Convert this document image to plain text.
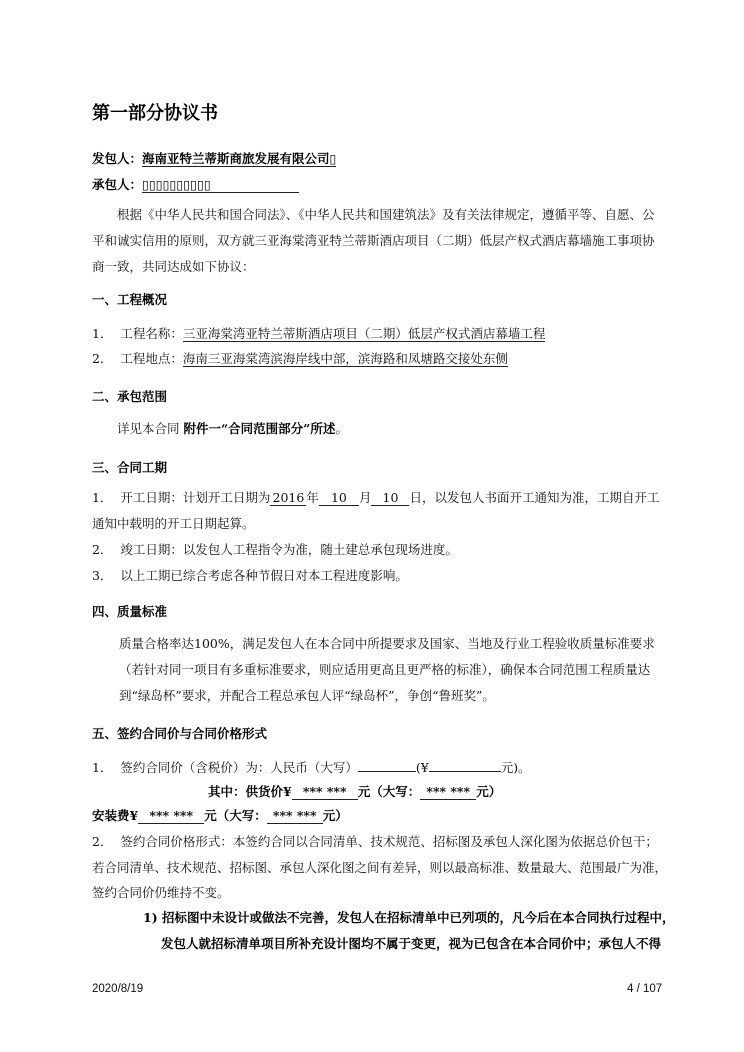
第一部分协议书
发包人：海南亚特兰蒂斯商旅发展有限公司▯
承包人：▯▯▯▯▯▯▯▯▯▯
根据《中华人民共和国合同法》、《中华人民共和国建筑法》及有关法律规定，遵循平等、自愿、公
平和诚实信用的原则，双方就三亚海棠湾亚特兰蒂斯酒店项目（二期）低层产权式酒店幕墙施工事项协
商一致，共同达成如下协议：
一、工程概况
1． 工程名称：三亚海棠湾亚特兰蒂斯酒店项目（二期）低层产权式酒店幕墙工程
2． 工程地点：海南三亚海棠湾滨海岸线中部，滨海路和凤塘路交接处东侧
二、承包范围
详见本合同 附件一“合同范围部分”所述。
三、合同工期
1． 开工日期：计划开工日期为 2016 年 10 月 10 日，以发包人书面开工通知为准，工期自开工
通知中载明的开工日期起算。
2． 竣工日期：以发包人工程指令为准，随土建总承包现场进度。
3． 以上工期已综合考虑各种节假日对本工程进度影响。
四、质量标准
质量合格率达100%，满足发包人在本合同中所提要求及国家、当地及行业工程验收质量标准要求
（若针对同一项目有多重标准要求，则应适用更高且更严格的标准），确保本合同范围工程质量达
到“绿岛杯”要求，并配合工程总承包人评“绿岛杯”，争创“鲁班奖”。
五、签约合同价与合同价格形式
1． 签约合同价（含税价）为：人民币（大写）	(¥	元)。
其中：供货价¥ *** *** 元（大写： *** *** 元）
安装费¥ *** *** 元（大写： *** *** 元）
2． 签约合同价格形式：本签约合同以合同清单、技术规范、招标图及承包人深化图为依据总价包干；
若合同清单、技术规范、招标图、承包人深化图之间有差异，则以最高标准、数量最大、范围最广为准，
签约合同价仍维持不变。
1) 招标图中未设计或做法不完善，发包人在招标清单中已列项的，凡今后在本合同执行过程中，
发包人就招标清单项目所补充设计图均不属于变更，视为已包含在本合同价中；承包人不得
2020/8/19	4 / 107
